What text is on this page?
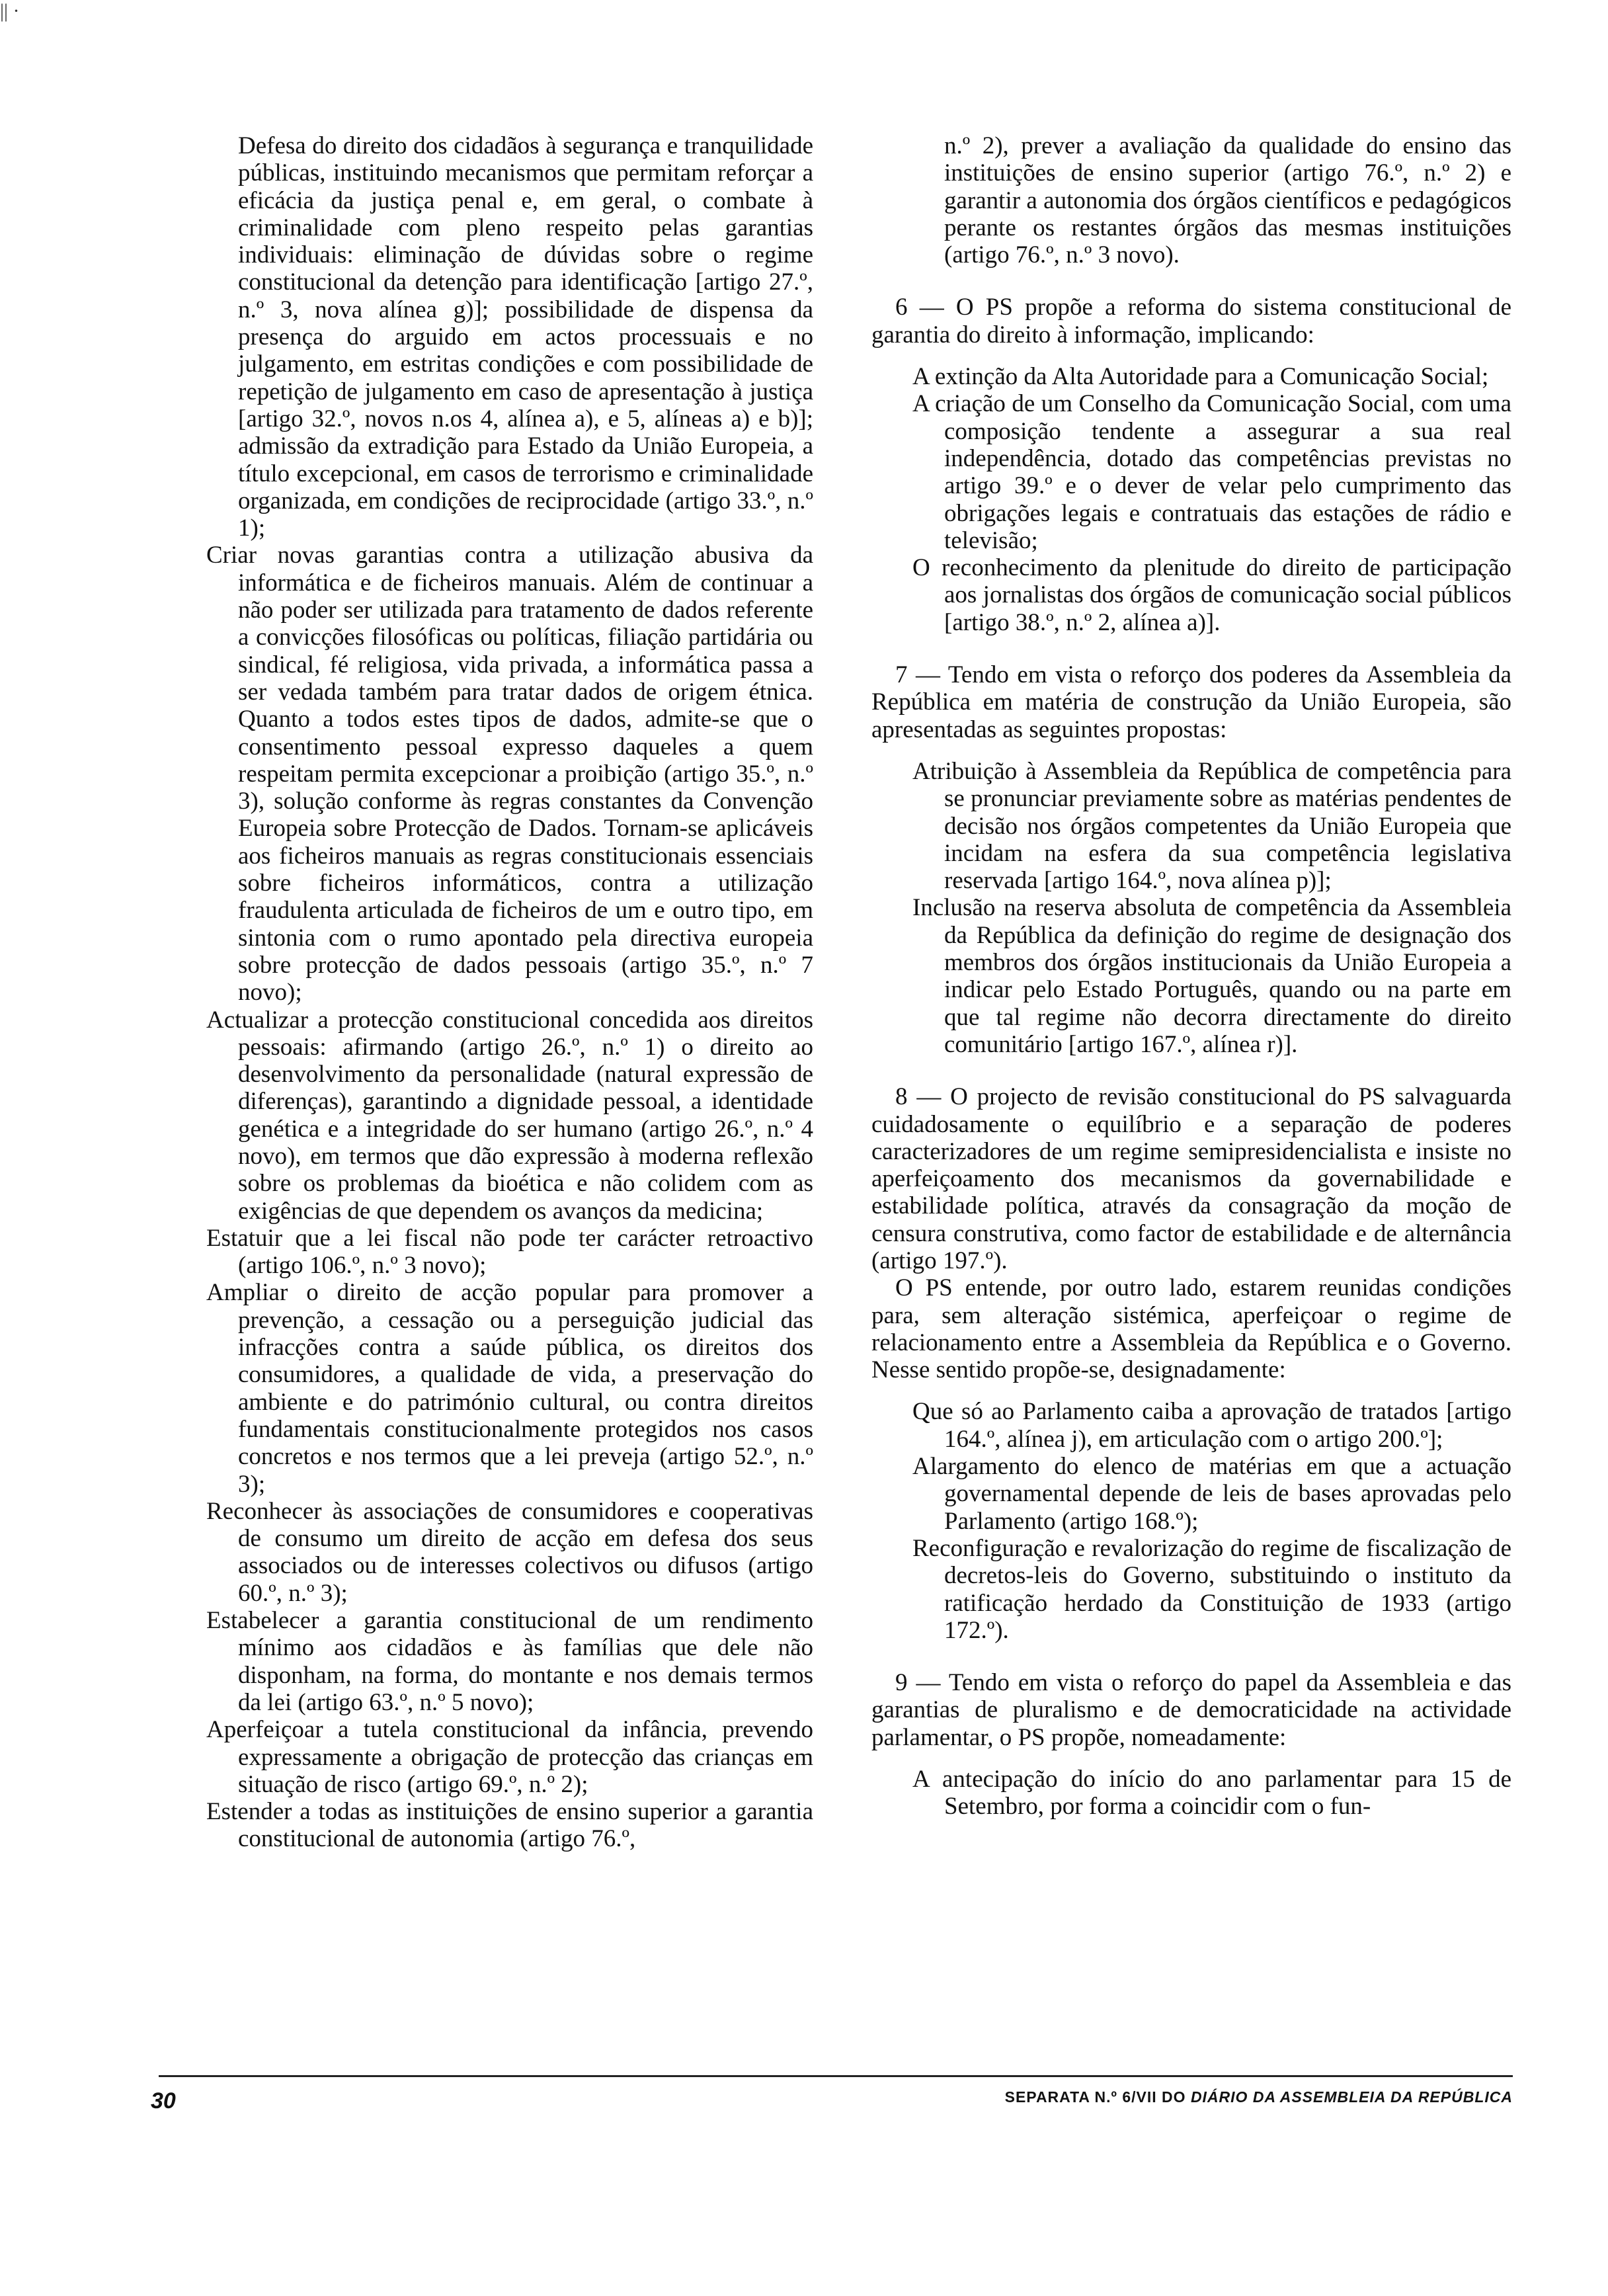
|| ·

Defesa do direito dos cidadãos à segurança e tranquilidade públicas, instituindo mecanismos que permitam reforçar a eficácia da justiça penal e, em geral, o combate à criminalidade com pleno respeito pelas garantias individuais: eliminação de dúvidas sobre o regime constitucional da detenção para identificação [artigo 27.º, n.º 3, nova alínea g)]; possibilidade de dispensa da presença do arguido em actos processuais e no julgamento, em estritas condições e com possibilidade de repetição de julgamento em caso de apresentação à justiça [artigo 32.º, novos n.os 4, alínea a), e 5, alíneas a) e b)]; admissão da extradição para Estado da União Europeia, a título excepcional, em casos de terrorismo e criminalidade organizada, em condições de reciprocidade (artigo 33.º, n.º 1);

Criar novas garantias contra a utilização abusiva da informática e de ficheiros manuais. Além de continuar a não poder ser utilizada para tratamento de dados referente a convicções filosóficas ou políticas, filiação partidária ou sindical, fé religiosa, vida privada, a informática passa a ser vedada também para tratar dados de origem étnica. Quanto a todos estes tipos de dados, admite-se que o consentimento pessoal expresso daqueles a quem respeitam permita excepcionar a proibição (artigo 35.º, n.º 3), solução conforme às regras constantes da Convenção Europeia sobre Protecção de Dados. Tornam-se aplicáveis aos ficheiros manuais as regras constitucionais essenciais sobre ficheiros informáticos, contra a utilização fraudulenta articulada de ficheiros de um e outro tipo, em sintonia com o rumo apontado pela directiva europeia sobre protecção de dados pessoais (artigo 35.º, n.º 7 novo);

Actualizar a protecção constitucional concedida aos direitos pessoais: afirmando (artigo 26.º, n.º 1) o direito ao desenvolvimento da personalidade (natural expressão de diferenças), garantindo a dignidade pessoal, a identidade genética e a integridade do ser humano (artigo 26.º, n.º 4 novo), em termos que dão expressão à moderna reflexão sobre os problemas da bioética e não colidem com as exigências de que dependem os avanços da medicina;

Estatuir que a lei fiscal não pode ter carácter retroactivo (artigo 106.º, n.º 3 novo);

Ampliar o direito de acção popular para promover a prevenção, a cessação ou a perseguição judicial das infracções contra a saúde pública, os direitos dos consumidores, a qualidade de vida, a preservação do ambiente e do património cultural, ou contra direitos fundamentais constitucionalmente protegidos nos casos concretos e nos termos que a lei preveja (artigo 52.º, n.º 3);

Reconhecer às associações de consumidores e cooperativas de consumo um direito de acção em defesa dos seus associados ou de interesses colectivos ou difusos (artigo 60.º, n.º 3);

Estabelecer a garantia constitucional de um rendimento mínimo aos cidadãos e às famílias que dele não disponham, na forma, do montante e nos demais termos da lei (artigo 63.º, n.º 5 novo);

Aperfeiçoar a tutela constitucional da infância, prevendo expressamente a obrigação de protecção das crianças em situação de risco (artigo 69.º, n.º 2);

Estender a todas as instituições de ensino superior a garantia constitucional de autonomia (artigo 76.º,

n.º 2), prever a avaliação da qualidade do ensino das instituições de ensino superior (artigo 76.º, n.º 2) e garantir a autonomia dos órgãos científicos e pedagógicos perante os restantes órgãos das mesmas instituições (artigo 76.º, n.º 3 novo).

6 — O PS propõe a reforma do sistema constitucional de garantia do direito à informação, implicando:

A extinção da Alta Autoridade para a Comunicação Social;

A criação de um Conselho da Comunicação Social, com uma composição tendente a assegurar a sua real independência, dotado das competências previstas no artigo 39.º e o dever de velar pelo cumprimento das obrigações legais e contratuais das estações de rádio e televisão;

O reconhecimento da plenitude do direito de participação aos jornalistas dos órgãos de comunicação social públicos [artigo 38.º, n.º 2, alínea a)].

7 — Tendo em vista o reforço dos poderes da Assembleia da República em matéria de construção da União Europeia, são apresentadas as seguintes propostas:

Atribuição à Assembleia da República de competência para se pronunciar previamente sobre as matérias pendentes de decisão nos órgãos competentes da União Europeia que incidam na esfera da sua competência legislativa reservada [artigo 164.º, nova alínea p)];

Inclusão na reserva absoluta de competência da Assembleia da República da definição do regime de designação dos membros dos órgãos institucionais da União Europeia a indicar pelo Estado Português, quando ou na parte em que tal regime não decorra directamente do direito comunitário [artigo 167.º, alínea r)].

8 — O projecto de revisão constitucional do PS salvaguarda cuidadosamente o equilíbrio e a separação de poderes caracterizadores de um regime semipresidencialista e insiste no aperfeiçoamento dos mecanismos da governabilidade e estabilidade política, através da consagração da moção de censura construtiva, como factor de estabilidade e de alternância (artigo 197.º).

O PS entende, por outro lado, estarem reunidas condições para, sem alteração sistémica, aperfeiçoar o regime de relacionamento entre a Assembleia da República e o Governo. Nesse sentido propõe-se, designadamente:

Que só ao Parlamento caiba a aprovação de tratados [artigo 164.º, alínea j), em articulação com o artigo 200.º];

Alargamento do elenco de matérias em que a actuação governamental depende de leis de bases aprovadas pelo Parlamento (artigo 168.º);

Reconfiguração e revalorização do regime de fiscalização de decretos-leis do Governo, substituindo o instituto da ratificação herdado da Constituição de 1933 (artigo 172.º).

9 — Tendo em vista o reforço do papel da Assembleia e das garantias de pluralismo e de democraticidade na actividade parlamentar, o PS propõe, nomeadamente:

A antecipação do início do ano parlamentar para 15 de Setembro, por forma a coincidir com o fun-

30	SEPARATA N.º 6/VII DO DIÁRIO DA ASSEMBLEIA DA REPÚBLICA
